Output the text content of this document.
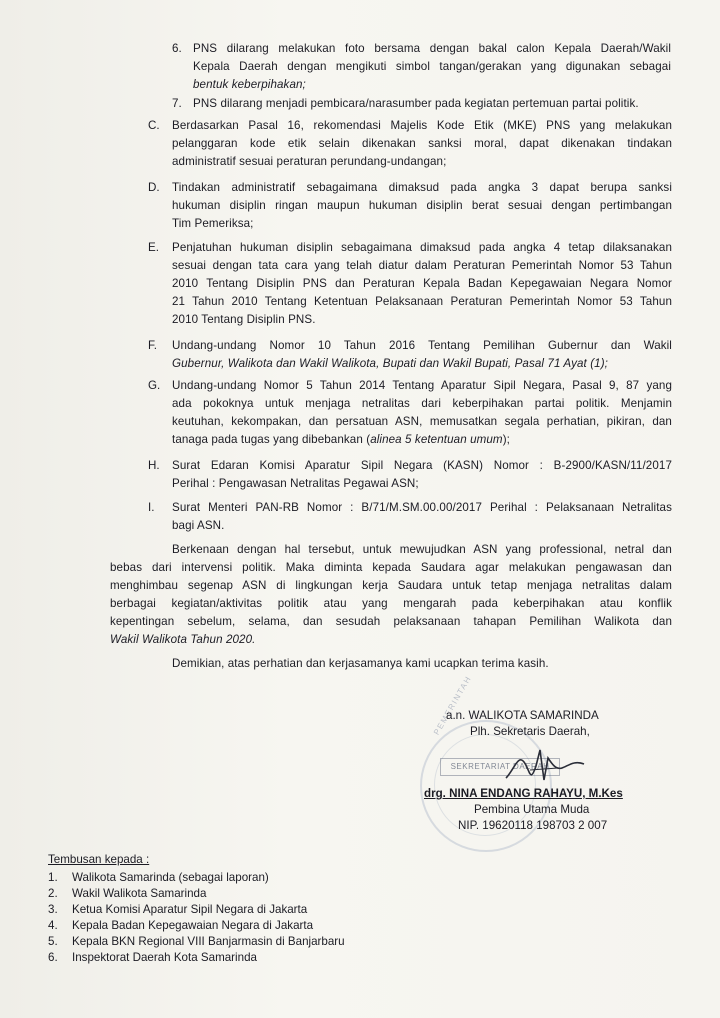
6. PNS dilarang melakukan foto bersama dengan bakal calon Kepala Daerah/Wakil
Kepala Daerah dengan mengikuti simbol tangan/gerakan yang digunakan sebagai
bentuk keberpihakan;
7. PNS dilarang menjadi pembicara/narasumber pada kegiatan pertemuan partai politik.
C. Berdasarkan Pasal 16, rekomendasi Majelis Kode Etik (MKE) PNS yang melakukan
pelanggaran kode etik selain dikenakan sanksi moral, dapat dikenakan tindakan
administratif sesuai peraturan perundang-undangan;
D. Tindakan administratif sebagaimana dimaksud pada angka 3 dapat berupa sanksi
hukuman disiplin ringan maupun hukuman disiplin berat sesuai dengan pertimbangan
Tim Pemeriksa;
E. Penjatuhan hukuman disiplin sebagaimana dimaksud pada angka 4 tetap dilaksanakan
sesuai dengan tata cara yang telah diatur dalam Peraturan Pemerintah Nomor 53 Tahun
2010 Tentang Disiplin PNS dan Peraturan Kepala Badan Kepegawaian Negara Nomor
21 Tahun 2010 Tentang Ketentuan Pelaksanaan Peraturan Pemerintah Nomor 53 Tahun
2010 Tentang Disiplin PNS.
F. Undang-undang Nomor 10 Tahun 2016 Tentang Pemilihan Gubernur dan Wakil
Gubernur, Walikota dan Wakil Walikota, Bupati dan Wakil Bupati, Pasal 71 Ayat (1);
G. Undang-undang Nomor 5 Tahun 2014 Tentang Aparatur Sipil Negara, Pasal 9, 87 yang
ada pokoknya untuk menjaga netralitas dari keberpihakan partai politik. Menjamin
keutuhan, kekompakan, dan persatuan ASN, memusatkan segala perhatian, pikiran, dan
tanaga pada tugas yang dibebankan (alinea 5 ketentuan umum);
H. Surat Edaran Komisi Aparatur Sipil Negara (KASN) Nomor : B-2900/KASN/11/2017
Perihal : Pengawasan Netralitas Pegawai ASN;
I. Surat Menteri PAN-RB Nomor : B/71/M.SM.00.00/2017 Perihal : Pelaksanaan Netralitas
bagi ASN.
Berkenaan dengan hal tersebut, untuk mewujudkan ASN yang professional, netral dan
bebas dari intervensi politik. Maka diminta kepada Saudara agar melakukan pengawasan dan
menghimbau segenap ASN di lingkungan kerja Saudara untuk tetap menjaga netralitas dalam
berbagai kegiatan/aktivitas politik atau yang mengarah pada keberpihakan atau konflik
kepentingan sebelum, selama, dan sesudah pelaksanaan tahapan Pemilihan Walikota dan
Wakil Walikota Tahun 2020.
Demikian, atas perhatian dan kerjasamanya kami ucapkan terima kasih.
PEMERINTAH
SEKRETARIAT DAERAH
a.n. WALIKOTA SAMARINDA
Plh. Sekretaris Daerah,
drg. NINA ENDANG RAHAYU, M.Kes
Pembina Utama Muda
NIP. 19620118 198703 2 007
Tembusan kepada :
1. Walikota Samarinda (sebagai laporan)
2. Wakil Walikota Samarinda
3. Ketua Komisi Aparatur Sipil Negara di Jakarta
4. Kepala Badan Kepegawaian Negara di Jakarta
5. Kepala BKN Regional VIII Banjarmasin di Banjarbaru
6. Inspektorat Daerah Kota Samarinda
